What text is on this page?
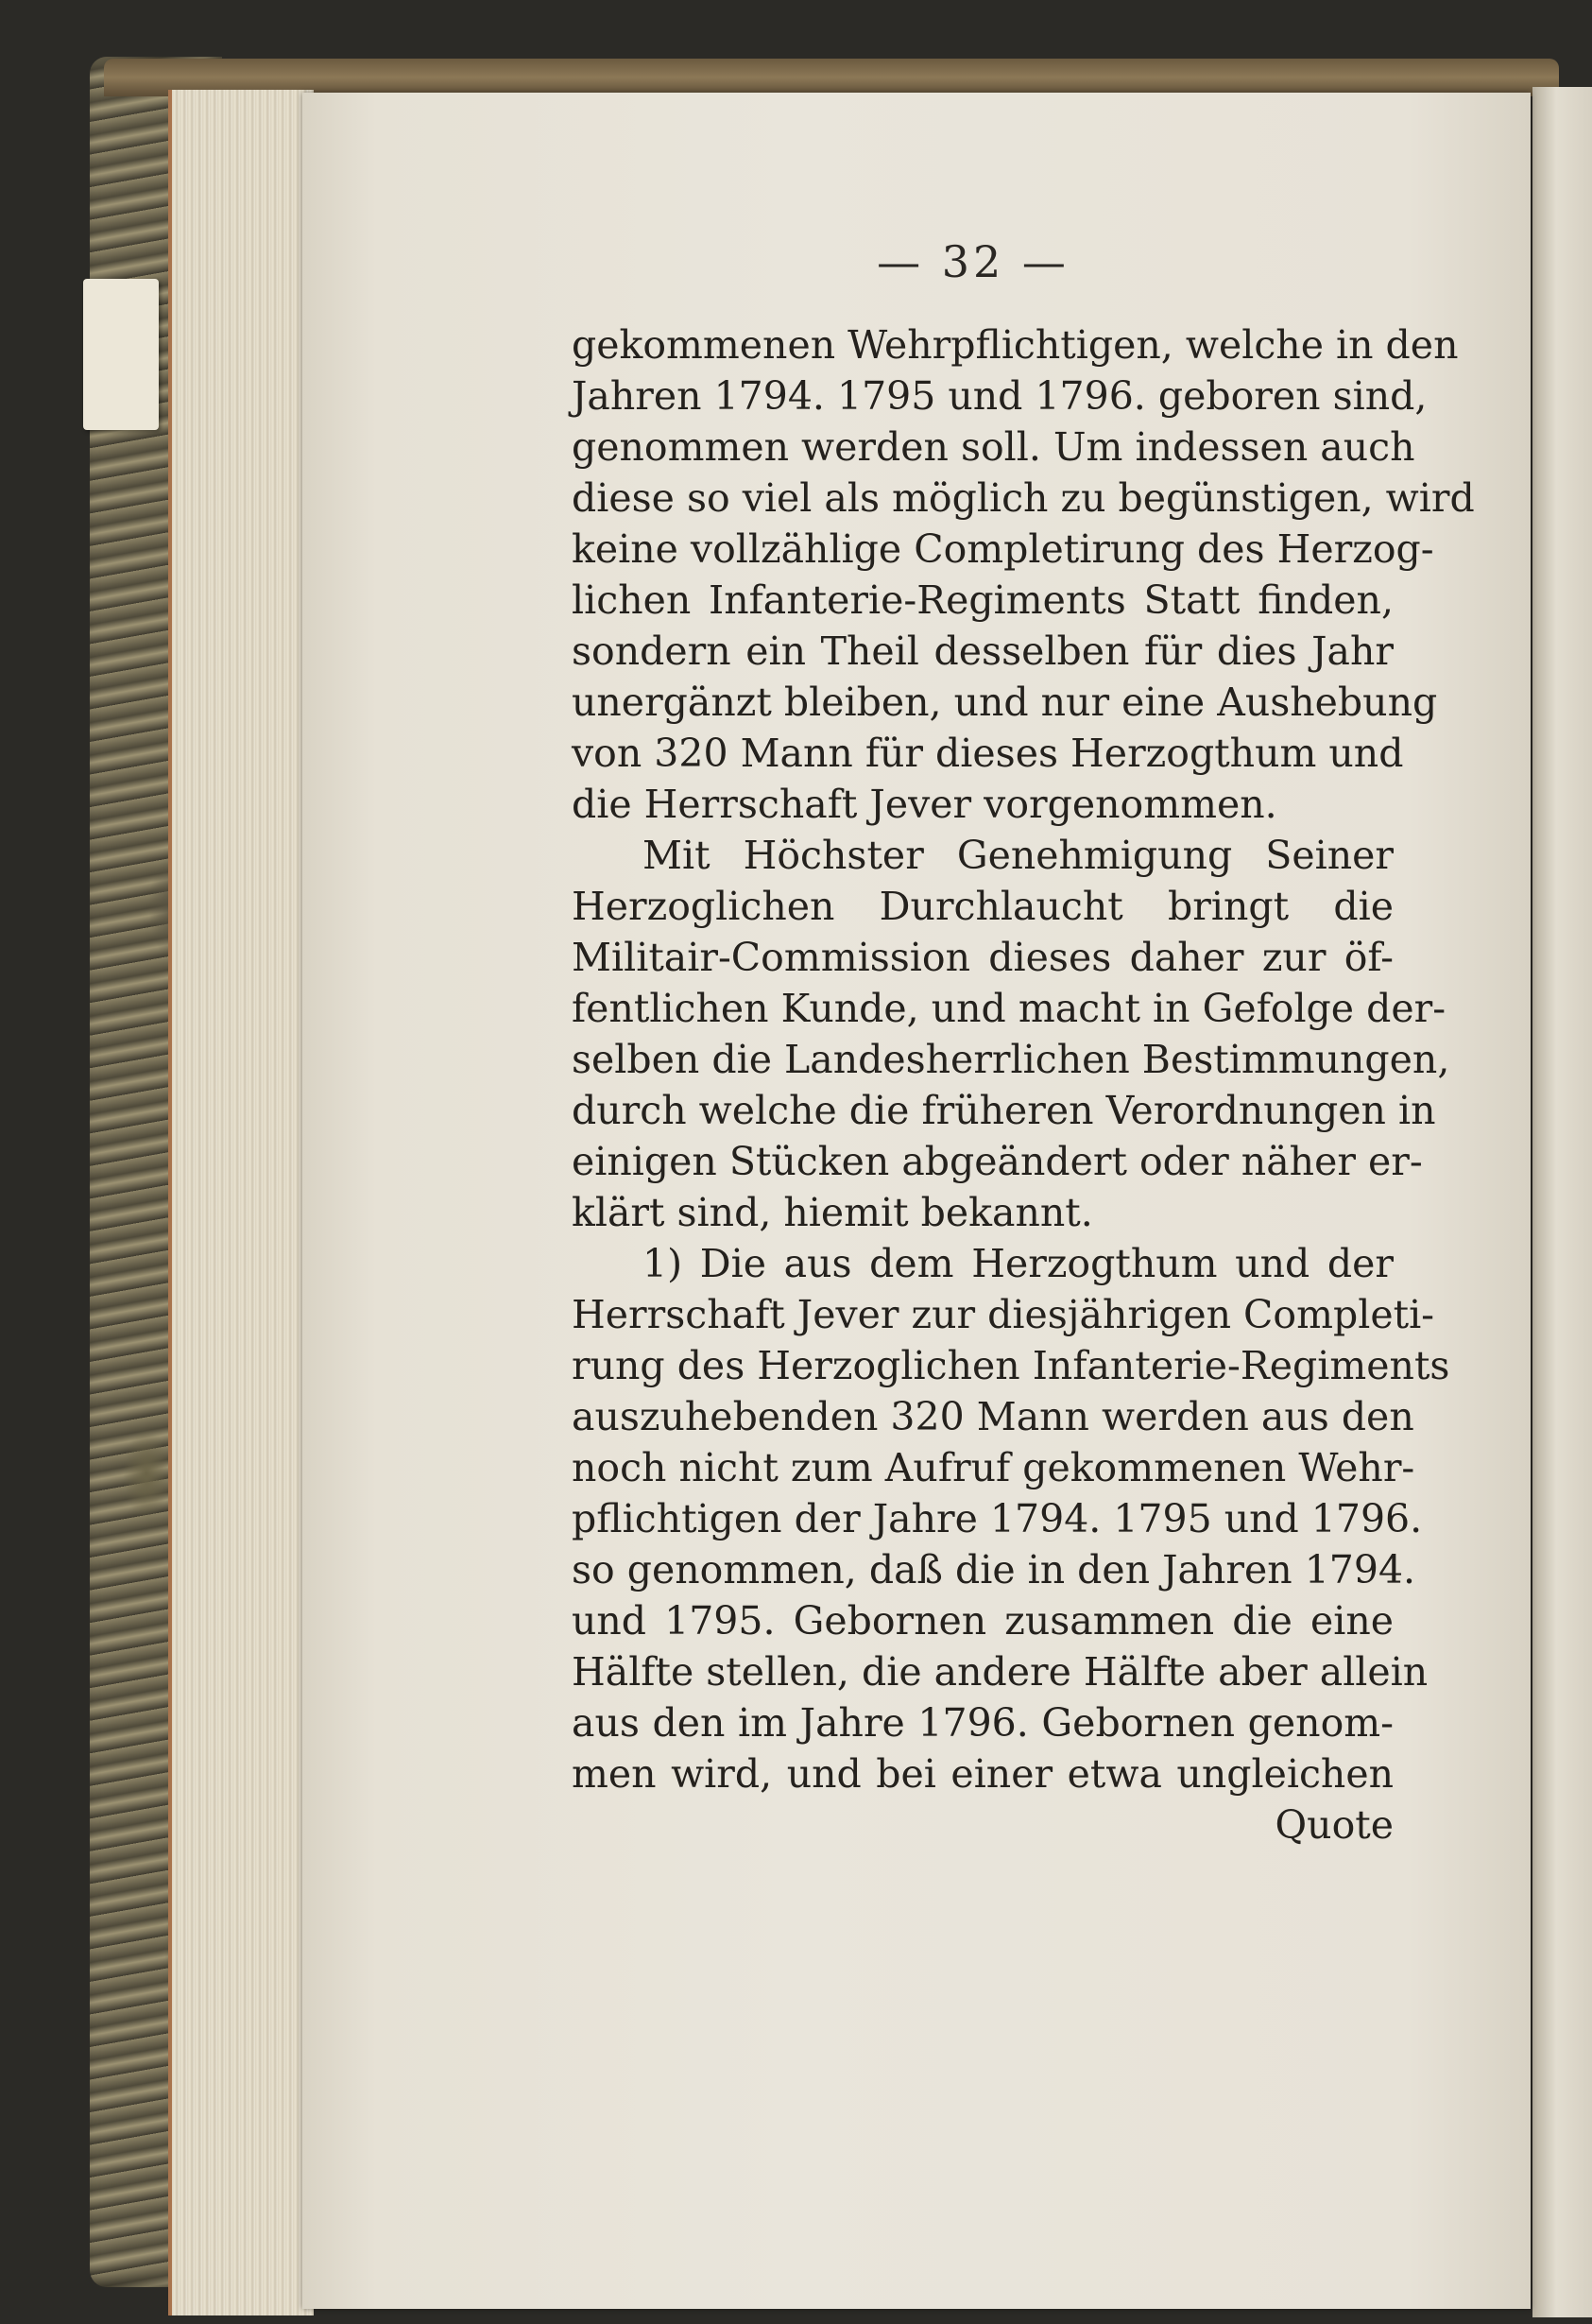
— 32 —
gekommenen Wehrpflichtigen, welche in den
Jahren 1794. 1795 und 1796. geboren sind,
genommen werden soll. Um indessen auch
diese so viel als möglich zu begünstigen, wird
keine vollzählige Completirung des Herzog-
lichen Infanterie-Regiments Statt finden,
sondern ein Theil desselben für dies Jahr
unergänzt bleiben, und nur eine Aushebung
von 320 Mann für dieses Herzogthum und
die Herrschaft Jever vorgenommen.
Mit Höchster Genehmigung Seiner
Herzoglichen Durchlaucht bringt die
Militair-Commission dieses daher zur öf-
fentlichen Kunde, und macht in Gefolge der-
selben die Landesherrlichen Bestimmungen,
durch welche die früheren Verordnungen in
einigen Stücken abgeändert oder näher er-
klärt sind, hiemit bekannt.
1) Die aus dem Herzogthum und der
Herrschaft Jever zur diesjährigen Completi-
rung des Herzoglichen Infanterie-Regiments
auszuhebenden 320 Mann werden aus den
noch nicht zum Aufruf gekommenen Wehr-
pflichtigen der Jahre 1794. 1795 und 1796.
so genommen, daß die in den Jahren 1794.
und 1795. Gebornen zusammen die eine
Hälfte stellen, die andere Hälfte aber allein
aus den im Jahre 1796. Gebornen genom-
men wird, und bei einer etwa ungleichen
Quote
